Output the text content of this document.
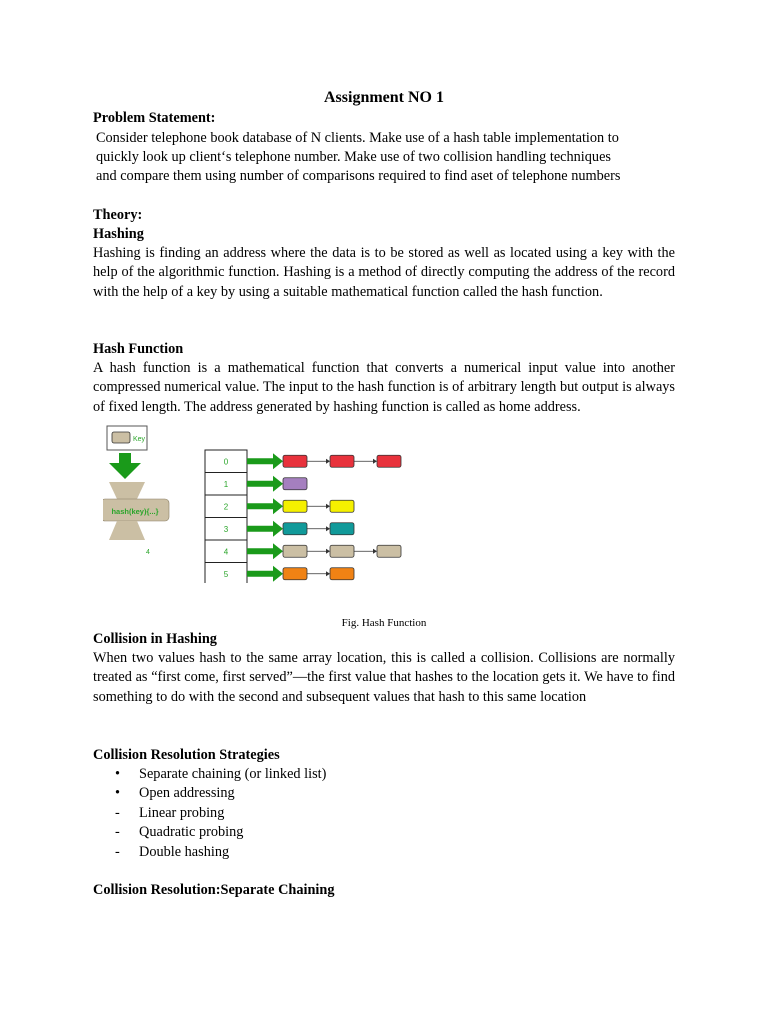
Assignment NO 1
Problem Statement:
Consider telephone book database of N clients. Make use of a hash table implementation to
quickly look up client‘s telephone number. Make use of two collision handling techniques
and compare them using number of comparisons required to find aset of telephone numbers
Theory:
Hashing
Hashing is finding an address where the data is to be stored as well as located using a key with the help of the algorithmic function. Hashing is a method of directly computing the address of the record with the help of a key by using a suitable mathematical function called the hash function.
Hash Function
A hash function is a mathematical function that converts a numerical input value into another compressed numerical value. The input to the hash function is of arbitrary length but output is always of fixed length. The address generated by hashing function is called as home address.
Key
hash(key){...}
4
0
1
2
3
4
5
Fig. Hash Function
Collision in Hashing
When two values hash to the same array location, this is called a collision. Collisions are normally treated as “first come, first served”—the first value that hashes to the location gets it. We have to find something to do with the second and subsequent values that hash to this same location
Collision Resolution Strategies
• Separate chaining (or linked list)
• Open addressing
- Linear probing
- Quadratic probing
- Double hashing
Collision Resolution:Separate Chaining
